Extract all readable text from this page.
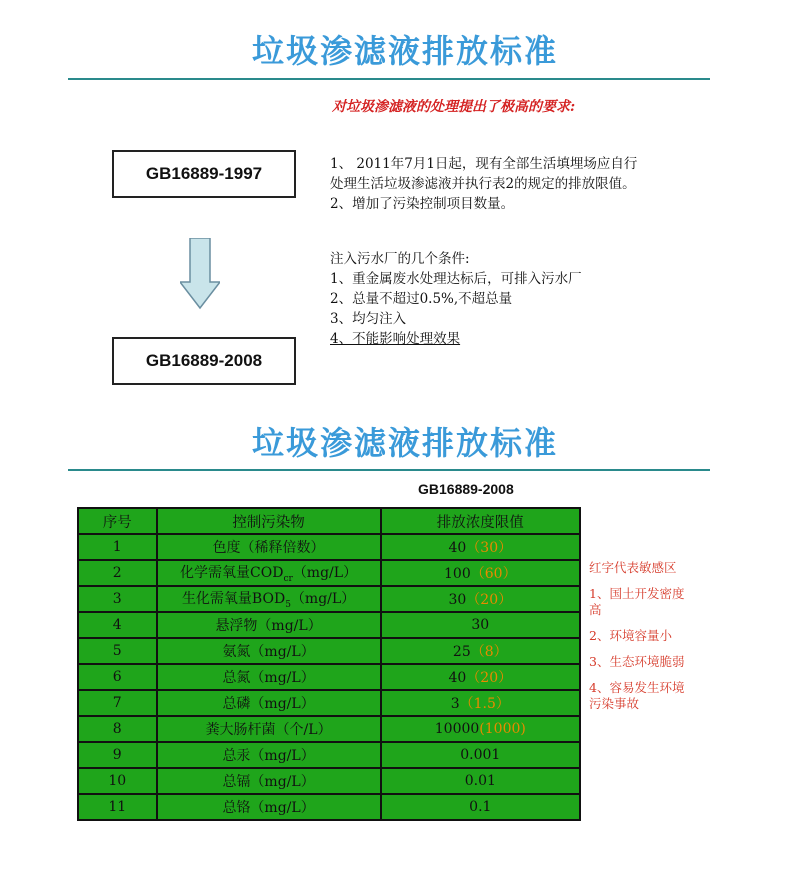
垃圾渗滤液排放标准
对垃圾渗滤液的处理提出了极高的要求:
GB16889-1997
GB16889-2008
1、 2011年7月1日起，现有全部生活填埋场应自行
处理生活垃圾渗滤液并执行表2的规定的排放限值。
2、增加了污染控制项目数量。
注入污水厂的几个条件:
1、重金属废水处理达标后，可排入污水厂
2、总量不超过0.5%,不超总量
3、均匀注入
4、不能影响处理效果
垃圾渗滤液排放标准
GB16889-2008
序号	控制污染物	排放浓度限值
1	色度（稀释倍数）	40（30）
2	化学需氧量$COD_{cr}(mg/L)$	100（60）
3	生化需氧量$BOD_5(mg/L)$	30（20）
4	悬浮物（mg/L）	30
5	氨氮（mg/L）	25（8）
6	总氮（mg/L）	40（20）
7	总磷（mg/L）	3（1.5）
8	粪大肠杆菌（个/L）	10000(1000)
9	总汞（mg/L）	0.001
10	总镉（mg/L）	0.01
11	总铬（mg/L）	0.1
红字代表敏感区
1、国土开发密度
高
2、环境容量小
3、生态环境脆弱
4、容易发生环境
污染事故
